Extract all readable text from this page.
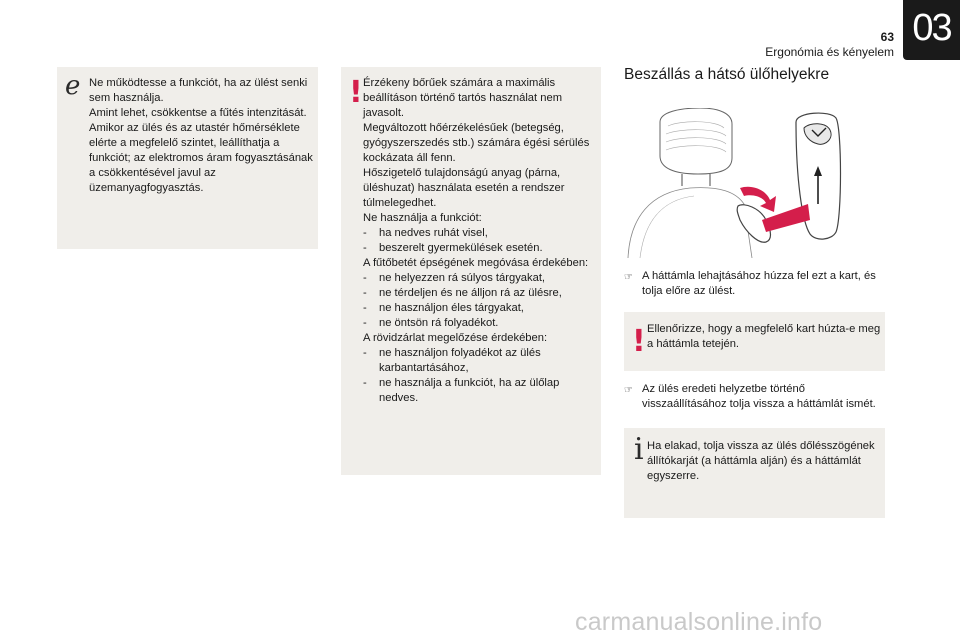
63
Ergonómia és kényelem
03
e Ne működtesse a funkciót, ha az ülést senki sem használja.
Amint lehet, csökkentse a fűtés intenzitását.
Amikor az ülés és az utastér hőmérséklete elérte a megfelelő szintet, leállíthatja a funkciót; az elektromos áram fogyasztásának a csökkentésével javul az üzemanyagfogyasztás.
! Érzékeny bőrűek számára a maximális beállításon történő tartós használat nem javasolt.
Megváltozott hőérzékelésűek (betegség, gyógyszerszedés stb.) számára égési sérülés kockázata áll fenn.
Hőszigetelő tulajdonságú anyag (párna, üléshuzat) használata esetén a rendszer túlmelegedhet.
Ne használja a funkciót:
- ha nedves ruhát visel,
- beszerelt gyermekülések esetén.
A fűtőbetét épségének megóvása érdekében:
- ne helyezzen rá súlyos tárgyakat,
- ne térdeljen és ne álljon rá az ülésre,
- ne használjon éles tárgyakat,
- ne öntsön rá folyadékot.
A rövidzárlat megelőzése érdekében:
- ne használjon folyadékot az ülés karbantartásához,
- ne használja a funkciót, ha az ülőlap nedves.
Beszállás a hátsó ülőhelyekre
☞ A háttámla lehajtásához húzza fel ezt a kart, és tolja előre az ülést.
! Ellenőrizze, hogy a megfelelő kart húzta-e meg a háttámla tetején.
☞ Az ülés eredeti helyzetbe történő visszaállításához tolja vissza a háttámlát ismét.
i Ha elakad, tolja vissza az ülés dőlésszögének állítókarját (a háttámla alján) és a háttámlát egyszerre.
carmanualsonline.info
